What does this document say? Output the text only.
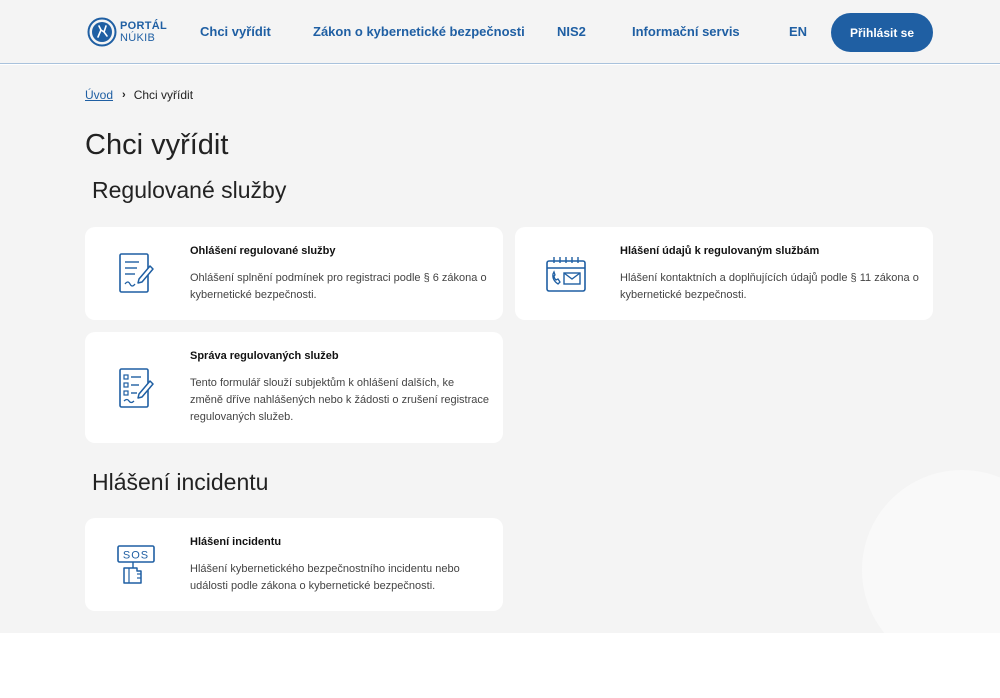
PORTÁL
NÚKIB	Chci vyřídit	Zákon o kybernetické bezpečnosti NIS2	Informační servis	EN	Přihlásit se
Úvod › Chci vyřídit
Chci vyřídit
Regulované služby
Ohlášení regulované služby
Ohlášení splnění podmínek pro registraci podle § 6 zákona o kybernetické bezpečnosti.
Hlášení údajů k regulovaným službám
Hlášení kontaktních a doplňujících údajů podle § 11 zákona o kybernetické bezpečnosti.
Správa regulovaných služeb
Tento formulář slouží subjektům k ohlášení dalších, ke změně dříve nahlášených nebo k žádosti o zrušení registrace regulovaných služeb.
Hlášení incidentu
SOS
Hlášení incidentu
Hlášení kybernetického bezpečnostního incidentu nebo události podle zákona o kybernetické bezpečnosti.
